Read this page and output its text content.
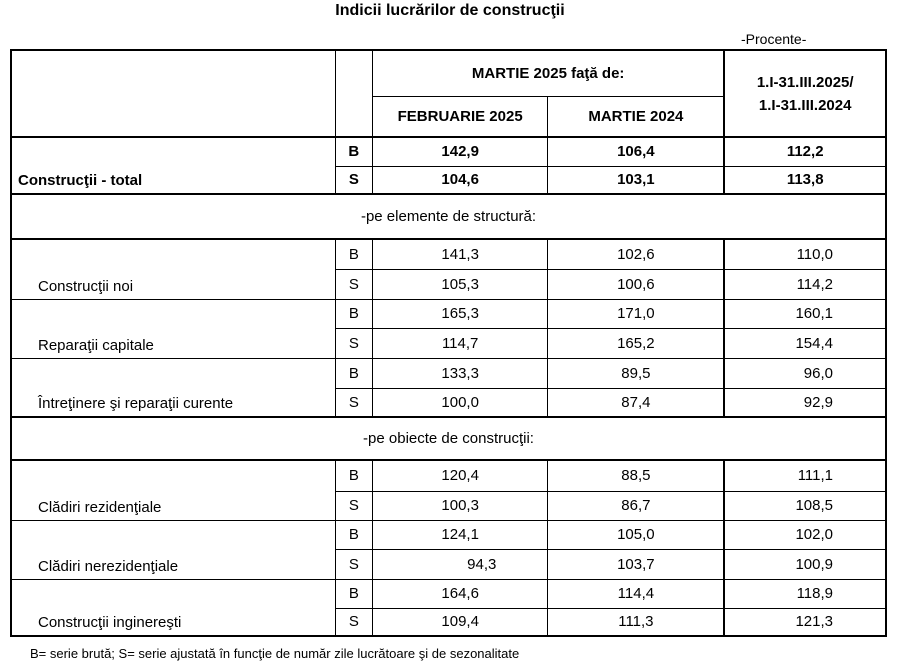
Indicii lucrărilor de construcţii
-Procente-
		MARTIE 2025 faţă de:		1.I-31.III.2025/
1.I-31.III.2024

		FEBRUARIE 2025	MARTIE 2024	
Construcţii - total	B	142,9	106,4	112,2
	S	104,6	103,1	113,8
-pe elemente de structură:				
Construcţii noi	B	141,3	102,6	110,0
	S	105,3	100,6	114,2
Reparaţii capitale	B	165,3	171,0	160,1
	S	114,7	165,2	154,4
Întreţinere şi reparaţii curente	B	133,3	89,5	96,0
	S	100,0	87,4	92,9
-pe obiecte de construcţii:				
Clădiri rezidenţiale	B	120,4	88,5	111,1
	S	100,3	86,7	108,5
Clădiri nerezidenţiale	B	124,1	105,0	102,0
	S	94,3	103,7	100,9
Construcţii inginereşti	B	164,6	114,4	118,9
	S	109,4	111,3	121,3
B= serie brută; S= serie ajustată în funcţie de număr zile lucrătoare şi de sezonalitate
